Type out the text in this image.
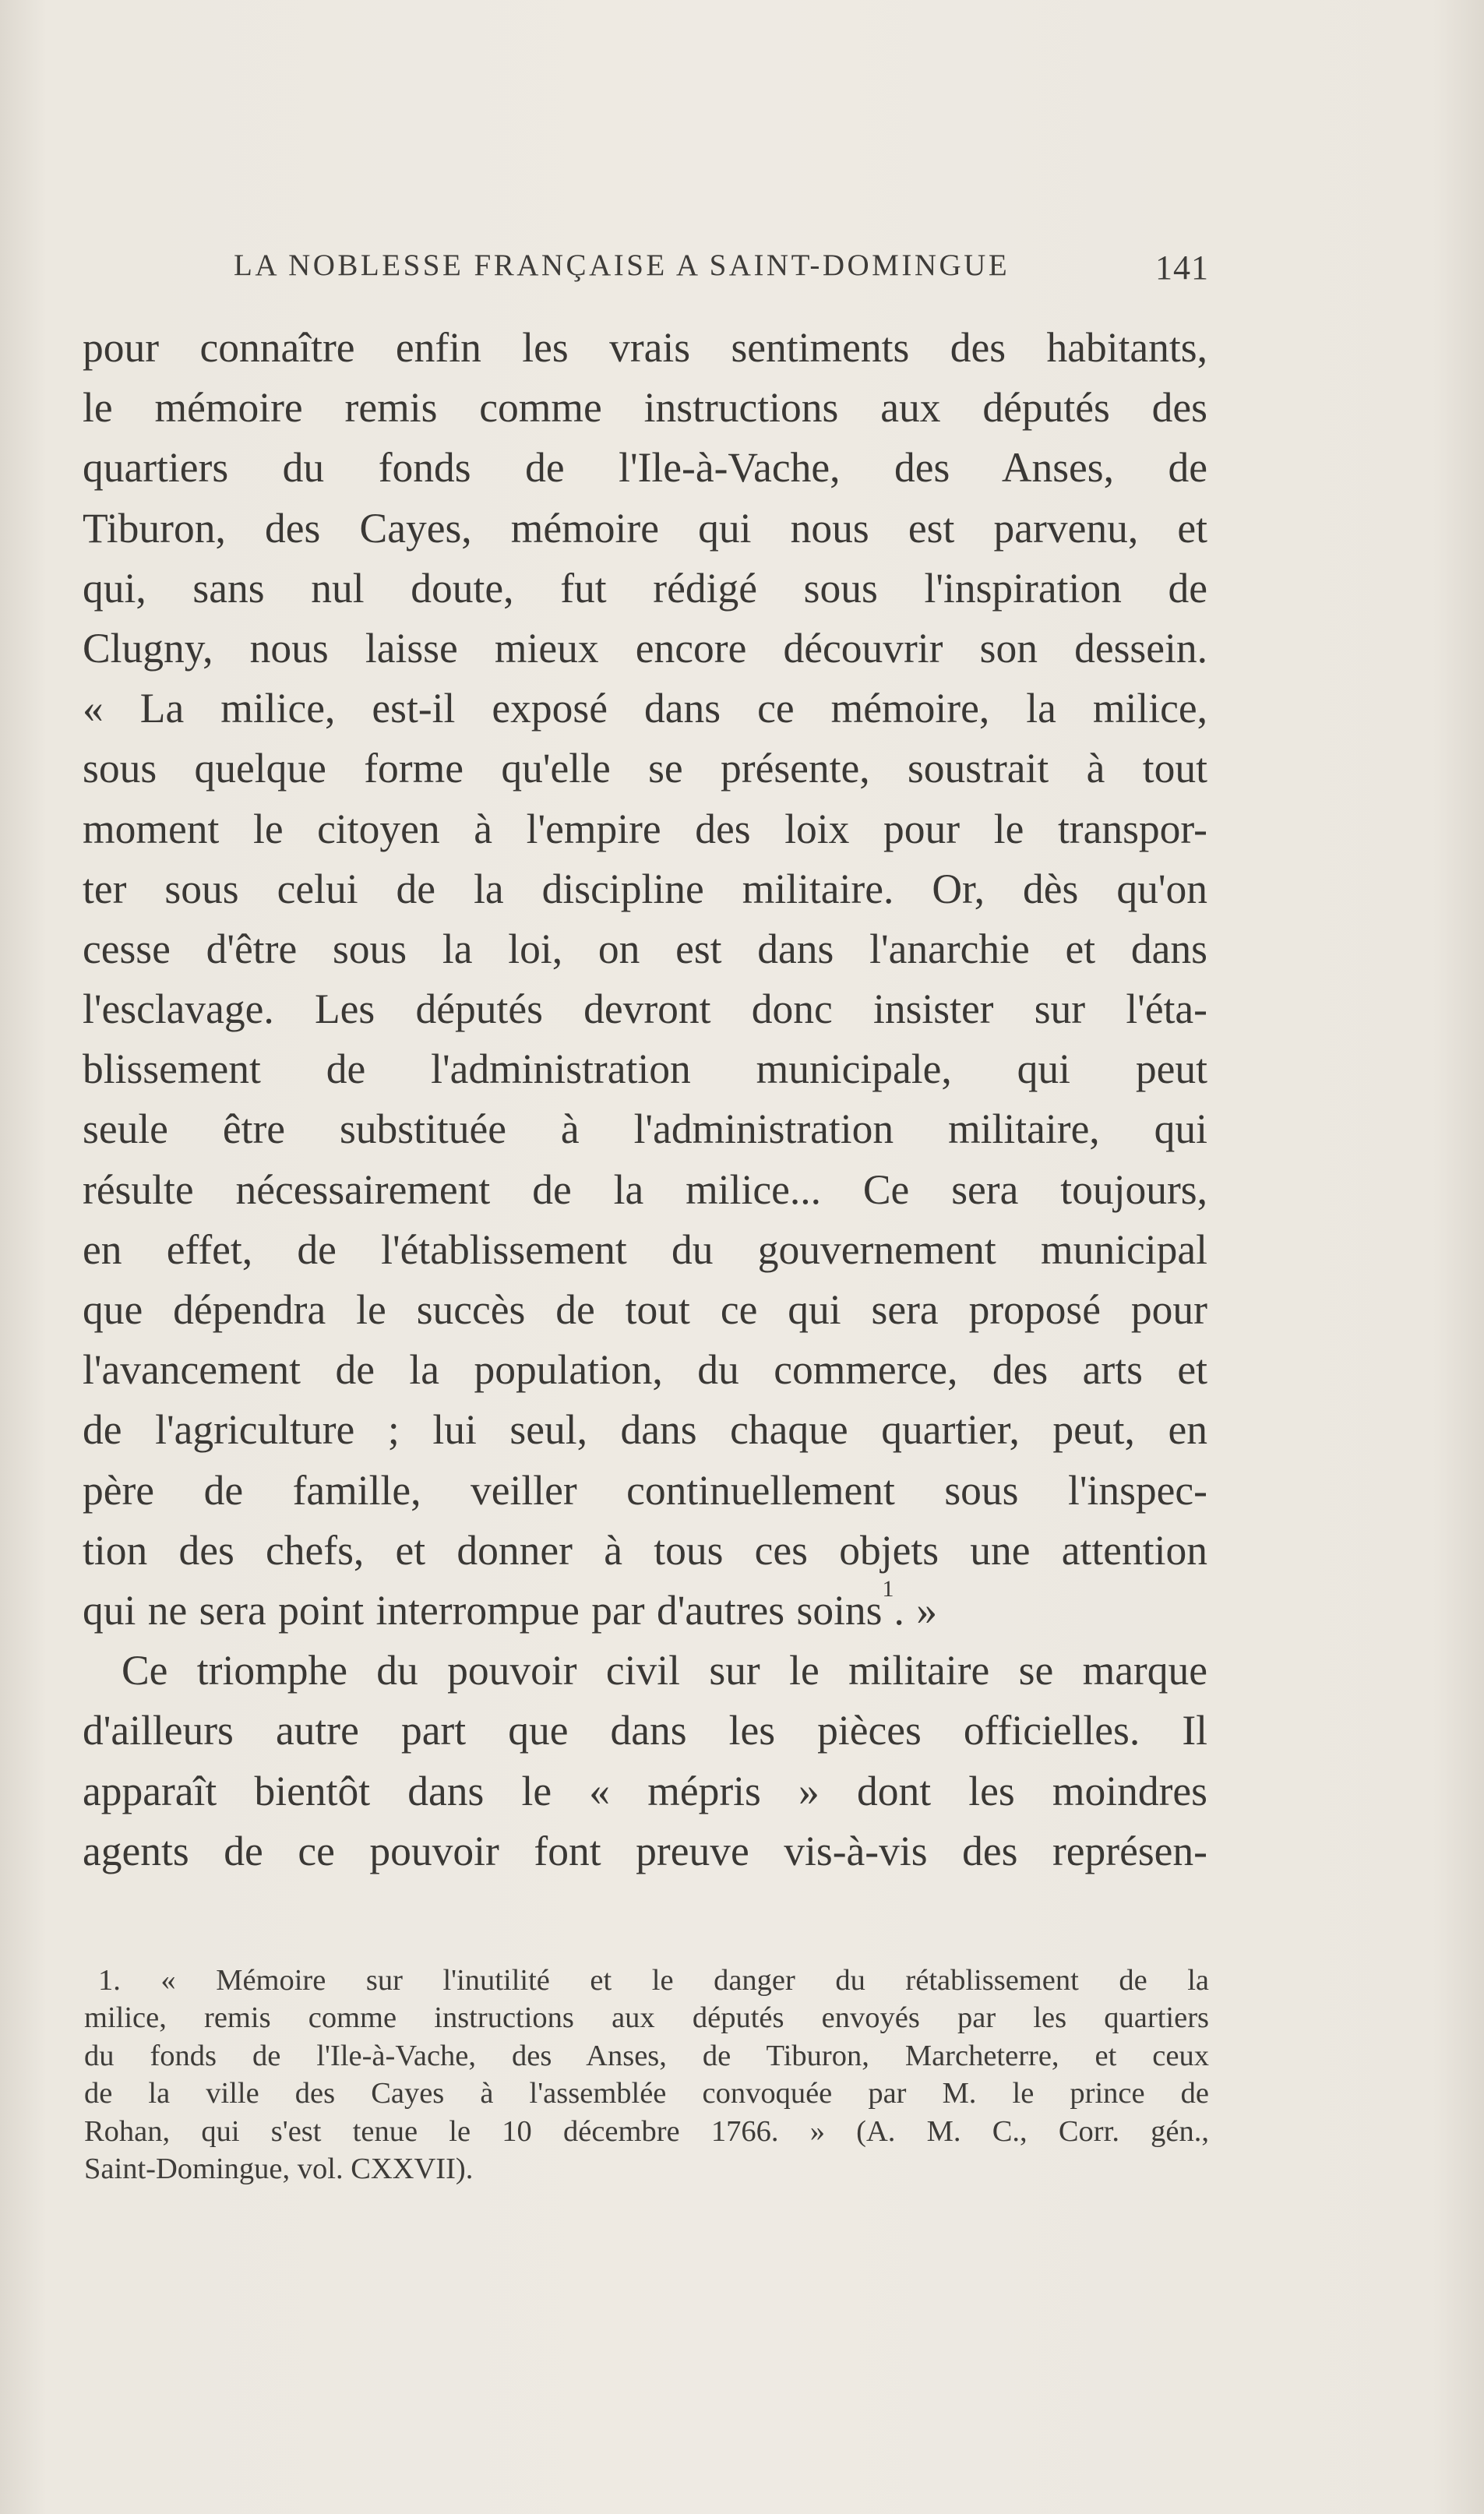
LA NOBLESSE FRANÇAISE A SAINT-DOMINGUE	141
pour connaître enfin les vrais sentiments des habitants,
le mémoire remis comme instructions aux députés des
quartiers du fonds de l'Ile-à-Vache, des Anses, de
Tiburon, des Cayes, mémoire qui nous est parvenu, et
qui, sans nul doute, fut rédigé sous l'inspiration de
Clugny, nous laisse mieux encore découvrir son dessein.
« La milice, est-il exposé dans ce mémoire, la milice,
sous quelque forme qu'elle se présente, soustrait à tout
moment le citoyen à l'empire des loix pour le transpor-
ter sous celui de la discipline militaire. Or, dès qu'on
cesse d'être sous la loi, on est dans l'anarchie et dans
l'esclavage. Les députés devront donc insister sur l'éta-
blissement de l'administration municipale, qui peut
seule être substituée à l'administration militaire, qui
résulte nécessairement de la milice... Ce sera toujours,
en effet, de l'établissement du gouvernement municipal
que dépendra le succès de tout ce qui sera proposé pour
l'avancement de la population, du commerce, des arts et
de l'agriculture ; lui seul, dans chaque quartier, peut, en
père de famille, veiller continuellement sous l'inspec-
tion des chefs, et donner à tous ces objets une attention
qui ne sera point interrompue par d'autres soins$^1$. »
Ce triomphe du pouvoir civil sur le militaire se marque
d'ailleurs autre part que dans les pièces officielles. Il
apparaît bientôt dans le « mépris » dont les moindres
agents de ce pouvoir font preuve vis-à-vis des représen-
1. « Mémoire sur l'inutilité et le danger du rétablissement de la
milice, remis comme instructions aux députés envoyés par les quartiers
du fonds de l'Ile-à-Vache, des Anses, de Tiburon, Marcheterre, et ceux
de la ville des Cayes à l'assemblée convoquée par M. le prince de
Rohan, qui s'est tenue le 10 décembre 1766. » (A. M. C., Corr. gén.,
Saint-Domingue, vol. CXXVII).
